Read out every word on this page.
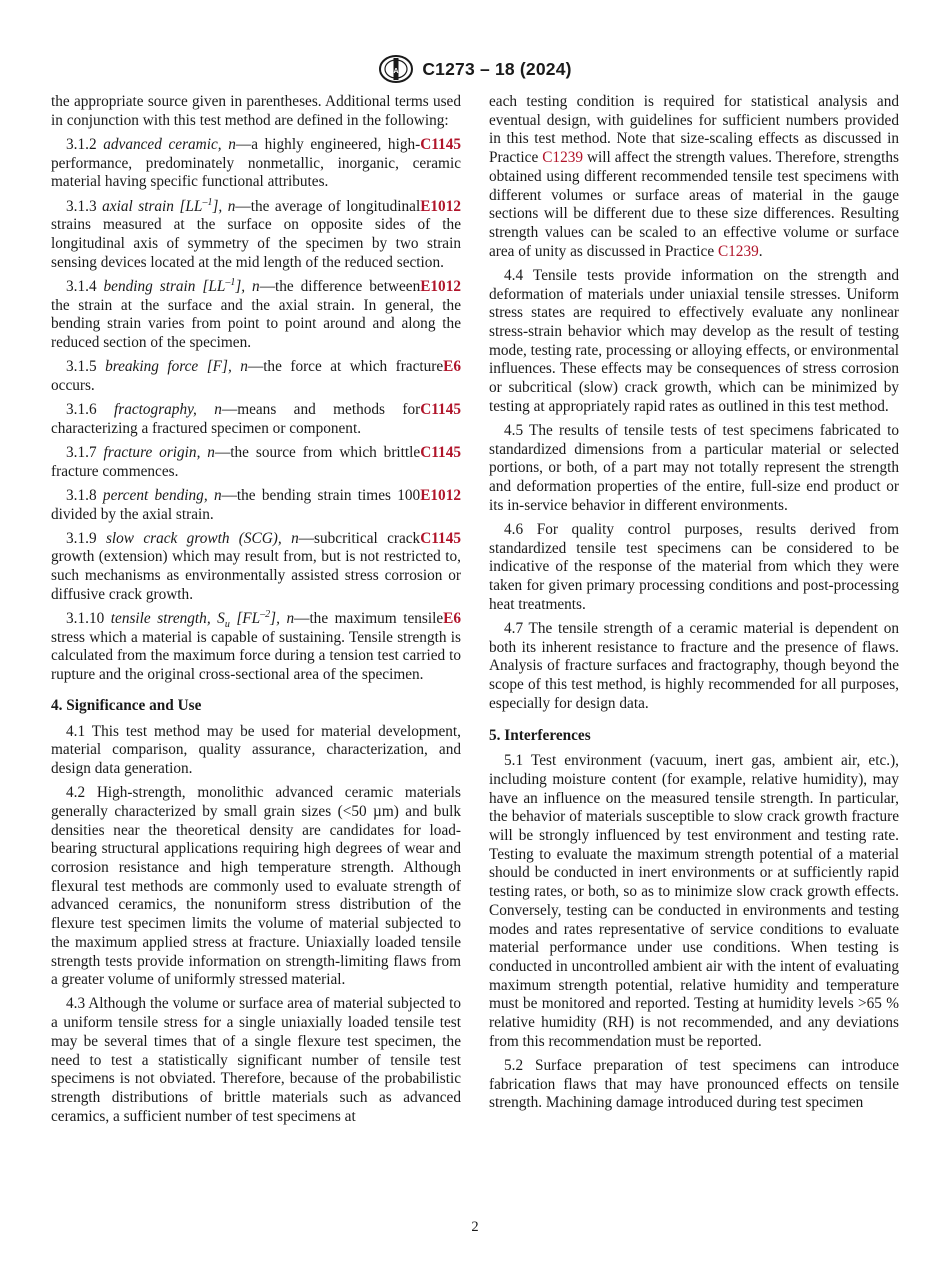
A C1273 – 18 (2024)

the appropriate source given in parentheses. Additional terms used in conjunction with this test method are defined in the following:

C1145
3.1.2 advanced ceramic, n—a highly engineered, high-performance, predominately nonmetallic, inorganic, ceramic material having specific functional attributes.

E1012
3.1.3 axial strain $[LL^{-1}]$, n—the average of longitudinal strains measured at the surface on opposite sides of the longitudinal axis of symmetry of the specimen by two strain sensing devices located at the mid length of the reduced section.

E1012
3.1.4 bending strain $[LL^{-1}]$, n—the difference between the strain at the surface and the axial strain. In general, the bending strain varies from point to point around and along the reduced section of the specimen.

E6
3.1.5 breaking force [F], n—the force at which fracture occurs.

C1145
3.1.6 fractography, n—means and methods for characterizing a fractured specimen or component.

C1145
3.1.7 fracture origin, n—the source from which brittle fracture commences.

E1012
3.1.8 percent bending, n—the bending strain times 100 divided by the axial strain.

C1145
3.1.9 slow crack growth (SCG), n—subcritical crack growth (extension) which may result from, but is not restricted to, such mechanisms as environmentally assisted stress corrosion or diffusive crack growth.

E6
3.1.10 tensile strength, $S_u$ $[FL^{-2}]$, n—the maximum tensile stress which a material is capable of sustaining. Tensile strength is calculated from the maximum force during a tension test carried to rupture and the original cross-sectional area of the specimen.

4. Significance and Use

4.1 This test method may be used for material development, material comparison, quality assurance, characterization, and design data generation.

4.2 High-strength, monolithic advanced ceramic materials generally characterized by small grain sizes (<50 µm) and bulk densities near the theoretical density are candidates for load-bearing structural applications requiring high degrees of wear and corrosion resistance and high temperature strength. Although flexural test methods are commonly used to evaluate strength of advanced ceramics, the nonuniform stress distribution of the flexure test specimen limits the volume of material subjected to the maximum applied stress at fracture. Uniaxially loaded tensile strength tests provide information on strength-limiting flaws from a greater volume of uniformly stressed material.

4.3 Although the volume or surface area of material subjected to a uniform tensile stress for a single uniaxially loaded tensile test may be several times that of a single flexure test specimen, the need to test a statistically significant number of tensile test specimens is not obviated. Therefore, because of the probabilistic strength distributions of brittle materials such as advanced ceramics, a sufficient number of test specimens at

each testing condition is required for statistical analysis and eventual design, with guidelines for sufficient numbers provided in this test method. Note that size-scaling effects as discussed in Practice C1239 will affect the strength values. Therefore, strengths obtained using different recommended tensile test specimens with different volumes or surface areas of material in the gauge sections will be different due to these size differences. Resulting strength values can be scaled to an effective volume or surface area of unity as discussed in Practice C1239.

4.4 Tensile tests provide information on the strength and deformation of materials under uniaxial tensile stresses. Uniform stress states are required to effectively evaluate any nonlinear stress-strain behavior which may develop as the result of testing mode, testing rate, processing or alloying effects, or environmental influences. These effects may be consequences of stress corrosion or subcritical (slow) crack growth, which can be minimized by testing at appropriately rapid rates as outlined in this test method.

4.5 The results of tensile tests of test specimens fabricated to standardized dimensions from a particular material or selected portions, or both, of a part may not totally represent the strength and deformation properties of the entire, full-size end product or its in-service behavior in different environments.

4.6 For quality control purposes, results derived from standardized tensile test specimens can be considered to be indicative of the response of the material from which they were taken for given primary processing conditions and post-processing heat treatments.

4.7 The tensile strength of a ceramic material is dependent on both its inherent resistance to fracture and the presence of flaws. Analysis of fracture surfaces and fractography, though beyond the scope of this test method, is highly recommended for all purposes, especially for design data.

5. Interferences

5.1 Test environment (vacuum, inert gas, ambient air, etc.), including moisture content (for example, relative humidity), may have an influence on the measured tensile strength. In particular, the behavior of materials susceptible to slow crack growth fracture will be strongly influenced by test environment and testing rate. Testing to evaluate the maximum strength potential of a material should be conducted in inert environments or at sufficiently rapid testing rates, or both, so as to minimize slow crack growth effects. Conversely, testing can be conducted in environments and testing modes and rates representative of service conditions to evaluate material performance under use conditions. When testing is conducted in uncontrolled ambient air with the intent of evaluating maximum strength potential, relative humidity and temperature must be monitored and reported. Testing at humidity levels >65 % relative humidity (RH) is not recommended, and any deviations from this recommendation must be reported.

5.2 Surface preparation of test specimens can introduce fabrication flaws that may have pronounced effects on tensile strength. Machining damage introduced during test specimen

2
